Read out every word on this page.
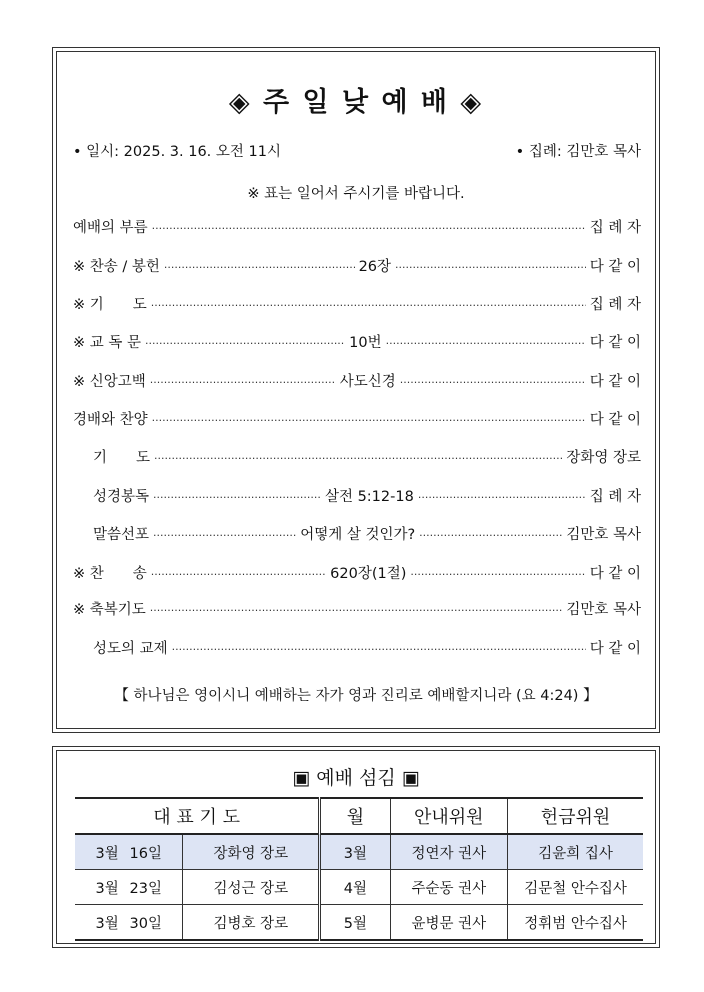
◈ 주 일 낮 예 배 ◈
• 일시: 2025. 3. 16. 오전 11시	• 집례: 김만호 목사
※ 표는 일어서 주시기를 바랍니다.
예배의 부름 .....	집 례 자
※ 찬송 / 봉헌 .....	26장 .....	다 같 이
※ 기　　도 .....	집 례 자
※ 교 독 문 .....	10번 .....	다 같 이
※ 신앙고백 .....	사도신경 .....	다 같 이
경배와 찬양 .....	다 같 이
기　　도 .....	장화영 장로
성경봉독 .....	살전 5:12-18 .....	집 례 자
말씀선포 .....	어떻게 살 것인가? .....	김만호 목사
※ 찬　　송 .....	620장(1절) .....	다 같 이
※ 축복기도 .....	김만호 목사
성도의 교제 .....	다 같 이
【 하나님은 영이시니 예배하는 자가 영과 진리로 예배할지니라 (요 4:24) 】
▣ 예배 섬김 ▣
대 표 기 도		월	안내위원	헌금위원
3월 16일	장화영 장로	3월	정연자 권사	김윤희 집사
3월 23일	김성근 장로	4월	주순동 권사	김문철 안수집사
3월 30일	김병호 장로	5월	윤병문 권사	정휘범 안수집사
